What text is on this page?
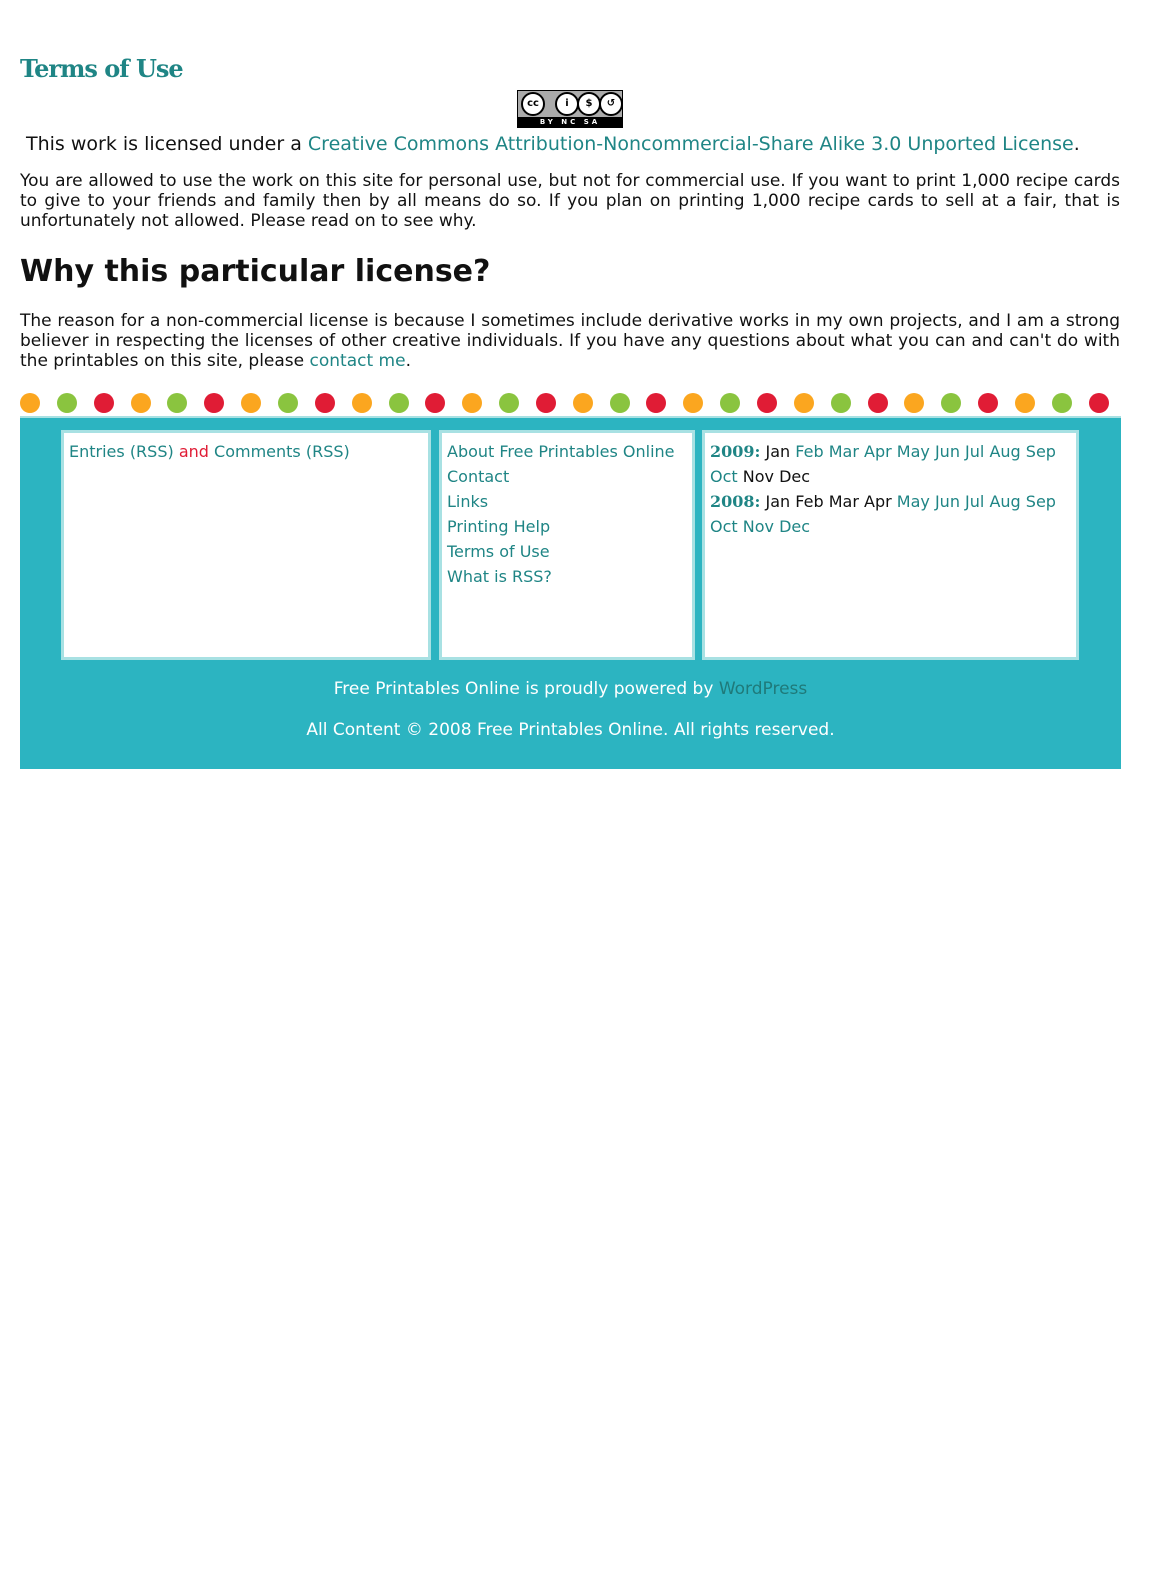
Terms of Use
cc	i	$	↺
BY NC SA
This work is licensed under a Creative Commons Attribution-Noncommercial-Share Alike 3.0 Unported License.

You are allowed to use the work on this site for personal use, but not for commercial use. If you want to print 1,000 recipe cards to give to your friends and family then by all means do so. If you plan on printing 1,000 recipe cards to sell at a fair, that is unfortunately not allowed. Please read on to see why.

Why this particular license?

The reason for a non-commercial license is because I sometimes include derivative works in my own projects, and I am a strong believer in respecting the licenses of other creative individuals. If you have any questions about what you can and can't do with the printables on this site, please contact me.

Entries (RSS) and Comments (RSS)	About Free Printables Online
Contact
Links
Printing Help
Terms of Use
What is RSS?
2009: Jan Feb Mar Apr May Jun Jul Aug Sep
Oct Nov Dec
2008: Jan Feb Mar Apr May Jun Jul Aug Sep
Oct Nov Dec
Free Printables Online is proudly powered by WordPress
All Content © 2008 Free Printables Online. All rights reserved.
